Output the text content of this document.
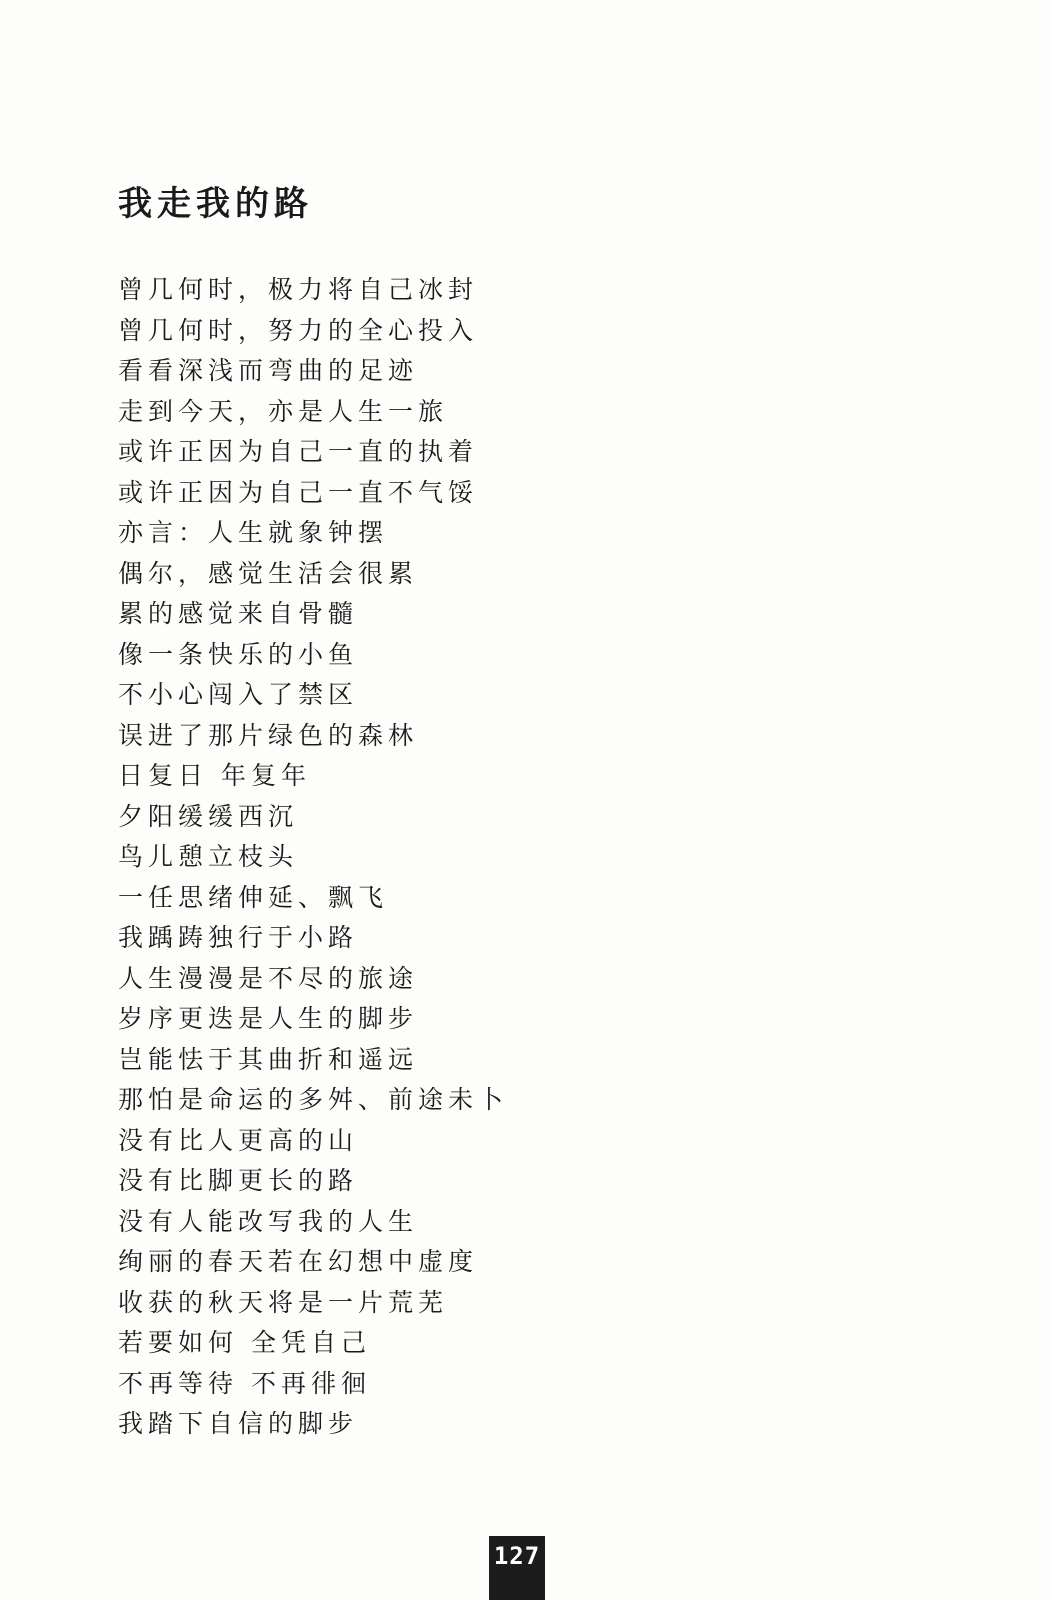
我走我的路
曾几何时，极力将自己冰封
曾几何时，努力的全心投入
看看深浅而弯曲的足迹
走到今天，亦是人生一旅
或许正因为自己一直的执着
或许正因为自己一直不气馁
亦言：人生就象钟摆
偶尔，感觉生活会很累
累的感觉来自骨髓
像一条快乐的小鱼
不小心闯入了禁区
误进了那片绿色的森林
日复日 年复年
夕阳缓缓西沉
鸟儿憩立枝头
一任思绪伸延、飘飞
我踽踌独行于小路
人生漫漫是不尽的旅途
岁序更迭是人生的脚步
岂能怯于其曲折和遥远
那怕是命运的多舛、前途未卜
没有比人更高的山
没有比脚更长的路
没有人能改写我的人生
绚丽的春天若在幻想中虚度
收获的秋天将是一片荒芜
若要如何 全凭自己
不再等待 不再徘徊
我踏下自信的脚步
127
